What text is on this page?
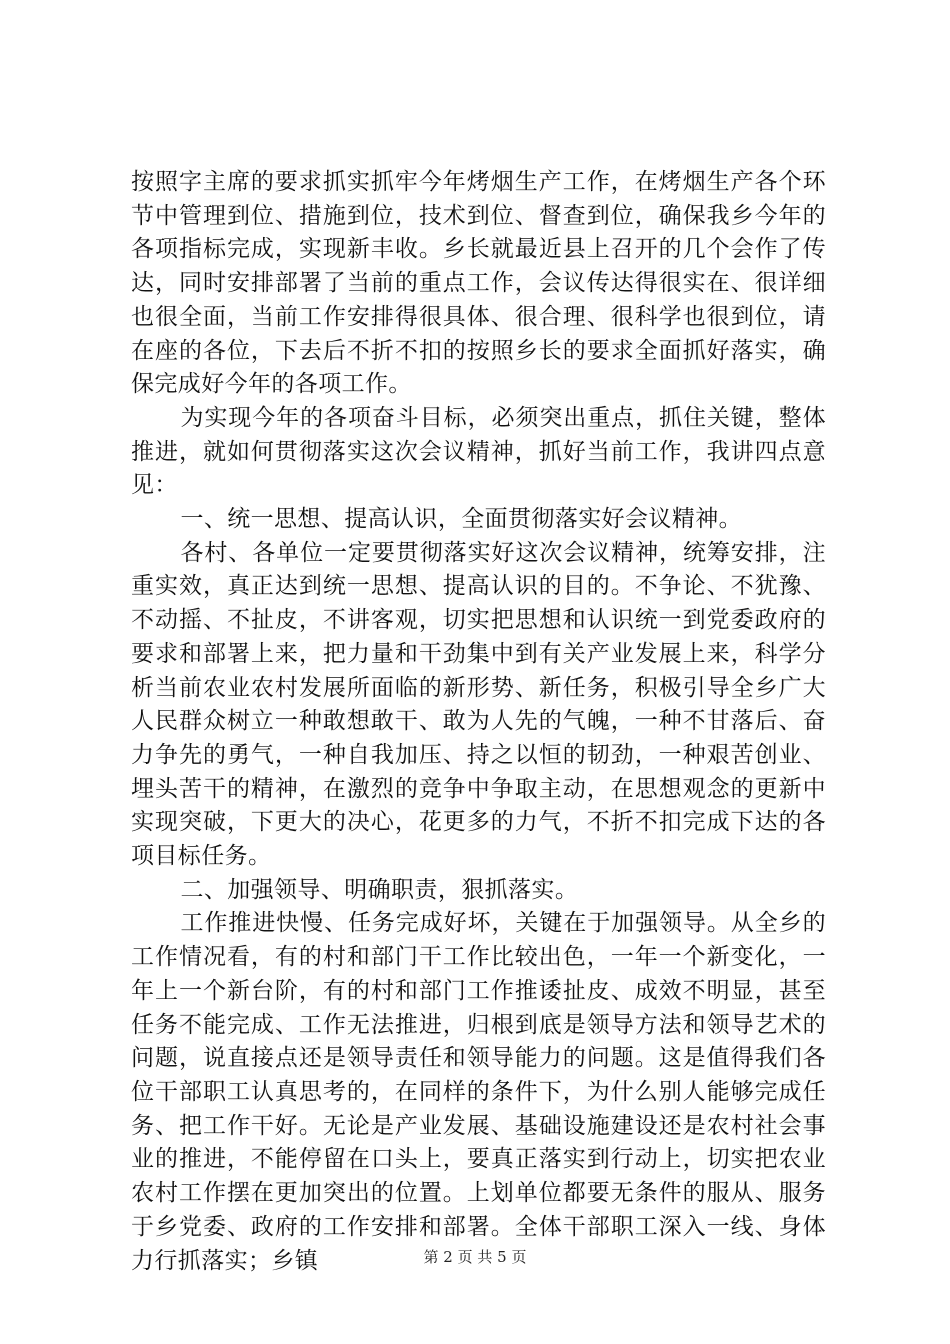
按照字主席的要求抓实抓牢今年烤烟生产工作，在烤烟生产各个环节中管理到位、措施到位，技术到位、督查到位，确保我乡今年的各项指标完成，实现新丰收。乡长就最近县上召开的几个会作了传达，同时安排部署了当前的重点工作，会议传达得很实在、很详细也很全面，当前工作安排得很具体、很合理、很科学也很到位，请在座的各位，下去后不折不扣的按照乡长的要求全面抓好落实，确保完成好今年的各项工作。

为实现今年的各项奋斗目标，必须突出重点，抓住关键，整体推进，就如何贯彻落实这次会议精神，抓好当前工作，我讲四点意见：

一、统一思想、提高认识，全面贯彻落实好会议精神。

各村、各单位一定要贯彻落实好这次会议精神，统筹安排，注重实效，真正达到统一思想、提高认识的目的。不争论、不犹豫、不动摇、不扯皮，不讲客观，切实把思想和认识统一到党委政府的要求和部署上来，把力量和干劲集中到有关产业发展上来，科学分析当前农业农村发展所面临的新形势、新任务，积极引导全乡广大人民群众树立一种敢想敢干、敢为人先的气魄，一种不甘落后、奋力争先的勇气，一种自我加压、持之以恒的韧劲，一种艰苦创业、埋头苦干的精神，在激烈的竞争中争取主动，在思想观念的更新中实现突破，下更大的决心，花更多的力气，不折不扣完成下达的各项目标任务。

二、加强领导、明确职责，狠抓落实。

工作推进快慢、任务完成好坏，关键在于加强领导。从全乡的工作情况看，有的村和部门干工作比较出色，一年一个新变化，一年上一个新台阶，有的村和部门工作推诿扯皮、成效不明显，甚至任务不能完成、工作无法推进，归根到底是领导方法和领导艺术的问题，说直接点还是领导责任和领导能力的问题。这是值得我们各位干部职工认真思考的，在同样的条件下，为什么别人能够完成任务、把工作干好。无论是产业发展、基础设施建设还是农村社会事业的推进，不能停留在口头上，要真正落实到行动上，切实把农业农村工作摆在更加突出的位置。上划单位都要无条件的服从、服务于乡党委、政府的工作安排和部署。全体干部职工深入一线、身体力行抓落实；乡镇	第 2 页 共 5 页
